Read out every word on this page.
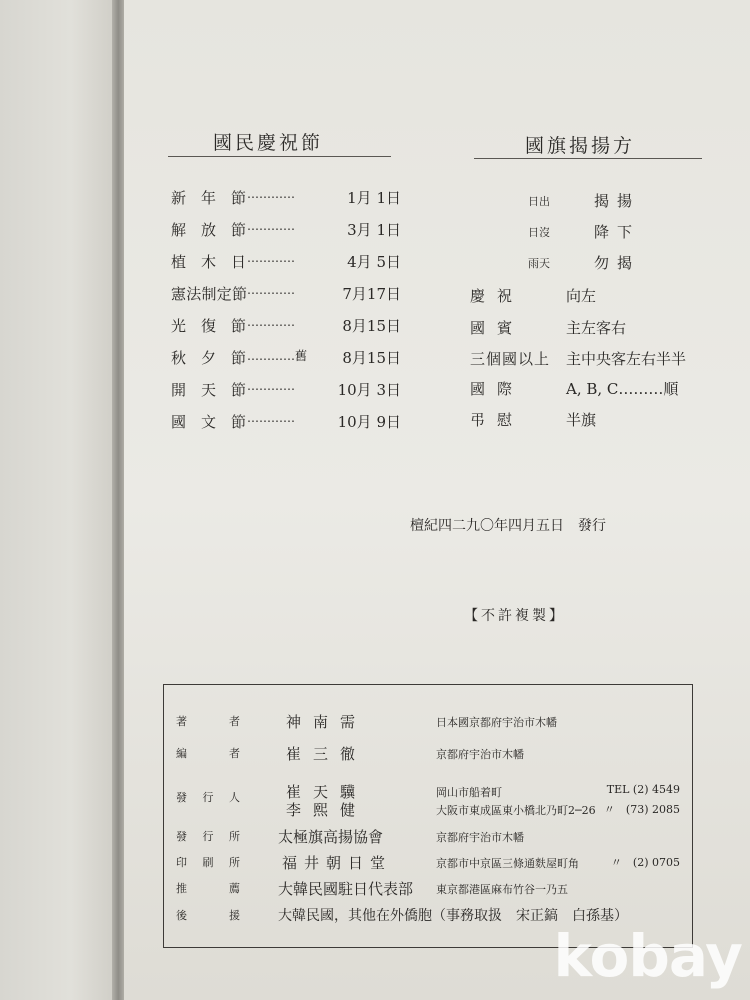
國民慶祝節
新年節 …………	1月 1日
解放節 …………	3月 1日
植木日 …………	4月 5日
憲法制定節 …………	7月17日
光復節 …………	8月15日
秋夕節 …………舊 8月15日
開天節 …………	10月 3日
國文節 …………	10月 9日
國旗揭揚方
日出	揭揚
日沒	降下
雨天	勿揭
慶祝	向左
國賓	主左客右
三個國以上	主中央客左右半半
國際	A, B, C………順
弔慰	半旗
檀紀四二九〇年四月五日　發行
【不許複製】
著者	神南需	日本國京都府宇治市木幡
編者	崔三徹	京都府宇治市木幡
發行人	崔天驥	岡山市船着町	TEL (2) 4549
李熙健	大阪市東成區東小橋北乃町2─26 〃　(73) 2085
發行所 太極旗高揚協會	京都府宇治市木幡
印刷所 福井朝日堂	京都市中京區三條通麩屋町角	〃　(2) 0705
推薦 大韓民國駐日代表部 東京都港區麻布竹谷一乃五
後援 大韓民國，其他在外僑胞（事務取扱　宋正鎬　白孫基）
kobay
